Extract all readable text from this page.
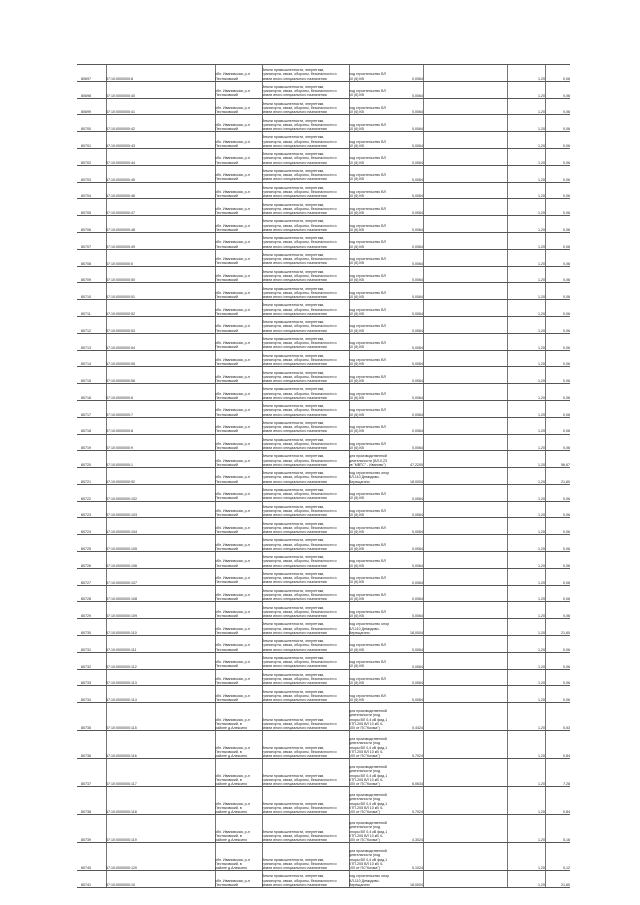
80697	57:10:0000000:8
обл. Ивановская, р-н
Пестяковский
Земли промышленности, энергетики,
транспорта, связи, обороны, безопасности и
земли иного специального назначения
под строительство ВЛ
10 (6) КВ	0,0064	1,20	0,06
80698	57:10:0000000:40
обл. Ивановская, р-н
Пестяковский
Земли промышленности, энергетики,
транспорта, связи, обороны, безопасности и
земли иного специального назначения
под строительство ВЛ
10 (6) КВ	0,0064	1,20	0,06
80699	57:10:0000000:41
обл. Ивановская, р-н
Пестяковский
Земли промышленности, энергетики,
транспорта, связи, обороны, безопасности и
земли иного специального назначения
под строительство ВЛ
10 (6) КВ	0,0064	1,20	0,06
80700	57:10:0000000:42
обл. Ивановская, р-н
Пестяковский
Земли промышленности, энергетики,
транспорта, связи, обороны, безопасности и
земли иного специального назначения
под строительство ВЛ
10 (6) КВ	0,0064	1,20	0,06
80701	57:10:0000000:43
обл. Ивановская, р-н
Пестяковский
Земли промышленности, энергетики,
транспорта, связи, обороны, безопасности и
земли иного специального назначения
под строительство ВЛ
10 (6) КВ	0,0064	1,20	0,06
80702	57:10:0000000:44
обл. Ивановская, р-н
Пестяковский
Земли промышленности, энергетики,
транспорта, связи, обороны, безопасности и
земли иного специального назначения
под строительство ВЛ
10 (6) КВ	0,0064	1,20	0,06
80703	57:10:0000000:45
обл. Ивановская, р-н
Пестяковский
Земли промышленности, энергетики,
транспорта, связи, обороны, безопасности и
земли иного специального назначения
под строительство ВЛ
10 (6) КВ	0,0064	1,20	0,06
80704	57:10:0000000:46
обл. Ивановская, р-н
Пестяковский
Земли промышленности, энергетики,
транспорта, связи, обороны, безопасности и
земли иного специального назначения
под строительство ВЛ
10 (6) КВ	0,0064	1,20	0,06
80705	57:10:0000000:47
обл. Ивановская, р-н
Пестяковский
Земли промышленности, энергетики,
транспорта, связи, обороны, безопасности и
земли иного специального назначения
под строительство ВЛ
10 (6) КВ	0,0064	1,20	0,06
80706	57:10:0000000:48
обл. Ивановская, р-н
Пестяковский
Земли промышленности, энергетики,
транспорта, связи, обороны, безопасности и
земли иного специального назначения
под строительство ВЛ
10 (6) КВ	0,0064	1,20	0,06
80707	57:10:0000000:49
обл. Ивановская, р-н
Пестяковский
Земли промышленности, энергетики,
транспорта, связи, обороны, безопасности и
земли иного специального назначения
под строительство ВЛ
10 (6) КВ	0,0064	1,20	0,06
80708	57:10:0000000:5
обл. Ивановская, р-н
Пестяковский
Земли промышленности, энергетики,
транспорта, связи, обороны, безопасности и
земли иного специального назначения
под строительство ВЛ
10 (6) КВ	0,0064	1,20	0,06
80709	57:10:0000000:50
обл. Ивановская, р-н
Пестяковский
Земли промышленности, энергетики,
транспорта, связи, обороны, безопасности и
земли иного специального назначения
под строительство ВЛ
10 (6) КВ	0,0064	1,20	0,06
80710	57:10:0000000:51
обл. Ивановская, р-н
Пестяковский
Земли промышленности, энергетики,
транспорта, связи, обороны, безопасности и
земли иного специального назначения
под строительство ВЛ
10 (6) КВ	0,0064	1,20	0,06
80711	57:10:0000000:52
обл. Ивановская, р-н
Пестяковский
Земли промышленности, энергетики,
транспорта, связи, обороны, безопасности и
земли иного специального назначения
под строительство ВЛ
10 (6) КВ	0,0064	1,20	0,06
80712	57:10:0000000:53
обл. Ивановская, р-н
Пестяковский
Земли промышленности, энергетики,
транспорта, связи, обороны, безопасности и
земли иного специального назначения
под строительство ВЛ
10 (6) КВ	0,0064	1,20	0,06
80713	57:10:0000000:54
обл. Ивановская, р-н
Пестяковский
Земли промышленности, энергетики,
транспорта, связи, обороны, безопасности и
земли иного специального назначения
под строительство ВЛ
10 (6) КВ	0,0064	1,20	0,06
80714	57:10:0000000:55
обл. Ивановская, р-н
Пестяковский
Земли промышленности, энергетики,
транспорта, связи, обороны, безопасности и
земли иного специального назначения
под строительство ВЛ
10 (6) КВ	0,0064	1,20	0,06
80715	57:10:0000000:56
обл. Ивановская, р-н
Пестяковский
Земли промышленности, энергетики,
транспорта, связи, обороны, безопасности и
земли иного специального назначения
под строительство ВЛ
10 (6) КВ	0,0064	1,20	0,06
80716	57:10:0000000:6
обл. Ивановская, р-н
Пестяковский
Земли промышленности, энергетики,
транспорта, связи, обороны, безопасности и
земли иного специального назначения
под строительство ВЛ
10 (6) КВ	0,0064	1,20	0,06
80717	57:10:0000000:7
обл. Ивановская, р-н
Пестяковский
Земли промышленности, энергетики,
транспорта, связи, обороны, безопасности и
земли иного специального назначения
под строительство ВЛ
10 (6) КВ	0,0064	1,20	0,06
80718	57:10:0000000:8
обл. Ивановская, р-н
Пестяковский
Земли промышленности, энергетики,
транспорта, связи, обороны, безопасности и
земли иного специального назначения
под строительство ВЛ
10 (6) КВ	0,0064	1,20	0,06
80719	57:10:0000000:9
обл. Ивановская, р-н
Пестяковский
Земли промышленности, энергетики,
транспорта, связи, обороны, безопасности и
земли иного специального назначения
под строительство ВЛ
10 (6) КВ	0,0064	1,20	0,06
80720	57:10:0000000:1
обл. Ивановская, р-н
Пестяковский
Земли промышленности, энергетики,
транспорта, связи, обороны, безопасности и
земли иного специального назначения
для производственной
деятельности (ВЛ-0,23
кв "МВТС" - Ивановс")	47,2200	1,20	56,67
80721	57:10:0000000:92
обл. Ивановская, р-н
Пестяковский
Земли промышленности, энергетики,
транспорта, связи, обороны, безопасности и
земли иного специального назначения
под строительство опор
ВЛ-110 Демидово-
Верещагино	18,0004	1,20	21,60
80722	57:10:0000000:102
обл. Ивановская, р-н
Пестяковский
Земли промышленности, энергетики,
транспорта, связи, обороны, безопасности и
земли иного специального назначения
под строительство ВЛ
10 (6) КВ	0,0064	1,20	0,06
80723	57:10:0000000:103
обл. Ивановская, р-н
Пестяковский
Земли промышленности, энергетики,
транспорта, связи, обороны, безопасности и
земли иного специального назначения
под строительство ВЛ
10 (6) КВ	0,0064	1,20	0,06
80724	57:10:0000000:104
обл. Ивановская, р-н
Пестяковский
Земли промышленности, энергетики,
транспорта, связи, обороны, безопасности и
земли иного специального назначения
под строительство ВЛ
10 (6) КВ	0,0064	1,20	0,06
80725	57:10:0000000:105
обл. Ивановская, р-н
Пестяковский
Земли промышленности, энергетики,
транспорта, связи, обороны, безопасности и
земли иного специального назначения
под строительство ВЛ
10 (6) КВ	0,0064	1,20	0,06
80726	57:10:0000000:106
обл. Ивановская, р-н
Пестяковский
Земли промышленности, энергетики,
транспорта, связи, обороны, безопасности и
земли иного специального назначения
под строительство ВЛ
10 (6) КВ	0,0064	1,20	0,06
80727	57:10:0000000:107
обл. Ивановская, р-н
Пестяковский
Земли промышленности, энергетики,
транспорта, связи, обороны, безопасности и
земли иного специального назначения
под строительство ВЛ
10 (6) КВ	0,0064	1,20	0,06
80728	57:10:0000000:108
обл. Ивановская, р-н
Пестяковский
Земли промышленности, энергетики,
транспорта, связи, обороны, безопасности и
земли иного специального назначения
под строительство ВЛ
10 (6) КВ	0,0064	1,20	0,06
80729	57:10:0000000:109
обл. Ивановская, р-н
Пестяковский
Земли промышленности, энергетики,
транспорта, связи, обороны, безопасности и
земли иного специального назначения
под строительство ВЛ
10 (6) КВ	0,0064	1,20	0,06
80730	57:10:0000000:110
обл. Ивановская, р-н
Пестяковский
Земли промышленности, энергетики,
транспорта, связи, обороны, безопасности и
земли иного специального назначения
под строительство опор
ВЛ-110 Демидово-
Верещагино	18,0004	1,20	21,60
80731	57:10:0000000:111
обл. Ивановская, р-н
Пестяковский
Земли промышленности, энергетики,
транспорта, связи, обороны, безопасности и
земли иного специального назначения
под строительство ВЛ
10 (6) КВ	0,0064	1,20	0,06
80732	57:10:0000000:112
обл. Ивановская, р-н
Пестяковский
Земли промышленности, энергетики,
транспорта, связи, обороны, безопасности и
земли иного специального назначения
под строительство ВЛ
10 (6) КВ	0,0064	1,20	0,06
80733	57:10:0000000:113
обл. Ивановская, р-н
Пестяковский
Земли промышленности, энергетики,
транспорта, связи, обороны, безопасности и
земли иного специального назначения
под строительство ВЛ
10 (6) КВ	0,0064	1,20	0,06
80734	57:10:0000000:114
обл. Ивановская, р-н
Пестяковский
Земли промышленности, энергетики,
транспорта, связи, обороны, безопасности и
земли иного специального назначения
под строительство ВЛ
10 (6) КВ	0,0064	1,20	0,06
80735	57:10:0000000:115
обл. Ивановская, р-н
Пестяковский, в
районе д.Алексино
Земли промышленности, энергетики,
транспорта, связи, обороны, безопасности и
земли иного специального назначения
для производственной
деятельности (под
опоры ВЛ 0,4 кВ фид.1
КТП-205 ВЛ 10 кВ Ч-
100 от ПС"Кохма")	0,4424	1,20	0,53
80736	57:10:0000000:116
обл. Ивановская, р-н
Пестяковский, в
районе д.Алексино
Земли промышленности, энергетики,
транспорта, связи, обороны, безопасности и
земли иного специального назначения
для производственной
деятельности (под
опоры ВЛ 0,4 кВ фид.1
КТП-205 ВЛ 10 кВ Ч-
100 от ПС"Кохма")	0,7024	1,20	0,84
80737	57:10:0000000:117
обл. Ивановская, р-н
Пестяковский, в
районе д.Алексино
Земли промышленности, энергетики,
транспорта, связи, обороны, безопасности и
земли иного специального назначения
для производственной
деятельности (под
опоры ВЛ 0,4 кВ фид.1
КТП-205 ВЛ 10 кВ Ч-
100 от ПС"Кохма")	6,0634	1,20	7,28
80738	57:10:0000000:118
обл. Ивановская, р-н
Пестяковский, в
районе д.Алексино
Земли промышленности, энергетики,
транспорта, связи, обороны, безопасности и
земли иного специального назначения
для производственной
деятельности (под
опоры ВЛ 0,4 кВ фид.1
КТП-205 ВЛ 10 кВ Ч-
100 от ПС"Кохма")	0,7024	1,20	0,84
80739	57:10:0000000:119
обл. Ивановская, р-н
Пестяковский, в
районе д.Алексино
Земли промышленности, энергетики,
транспорта, связи, обороны, безопасности и
земли иного специального назначения
для производственной
деятельности (под
опоры ВЛ 0,4 кВ фид.1
КТП-205 ВЛ 10 кВ Ч-
100 от ПС"Кохма")	4,3024	1,20	5,16
80740	57:10:0000000:120
обл. Ивановская, р-н
Пестяковский, в
районе д.Алексино
Земли промышленности, энергетики,
транспорта, связи, обороны, безопасности и
земли иного специального назначения
для производственной
деятельности (под
опоры ВЛ 0,4 кВ фид.1
КТП-205 ВЛ 10 кВ Ч-
100 от ПС"Кохма")	0,1024	1,20	0,12
80741	57:10:0000000:10
обл. Ивановская, р-н
Пестяковский
Земли промышленности, энергетики,
транспорта, связи, обороны, безопасности и
земли иного специального назначения
под строительство опор
ВЛ-110 Демидово-
Верещагино	18,0004	1,20	21,60
